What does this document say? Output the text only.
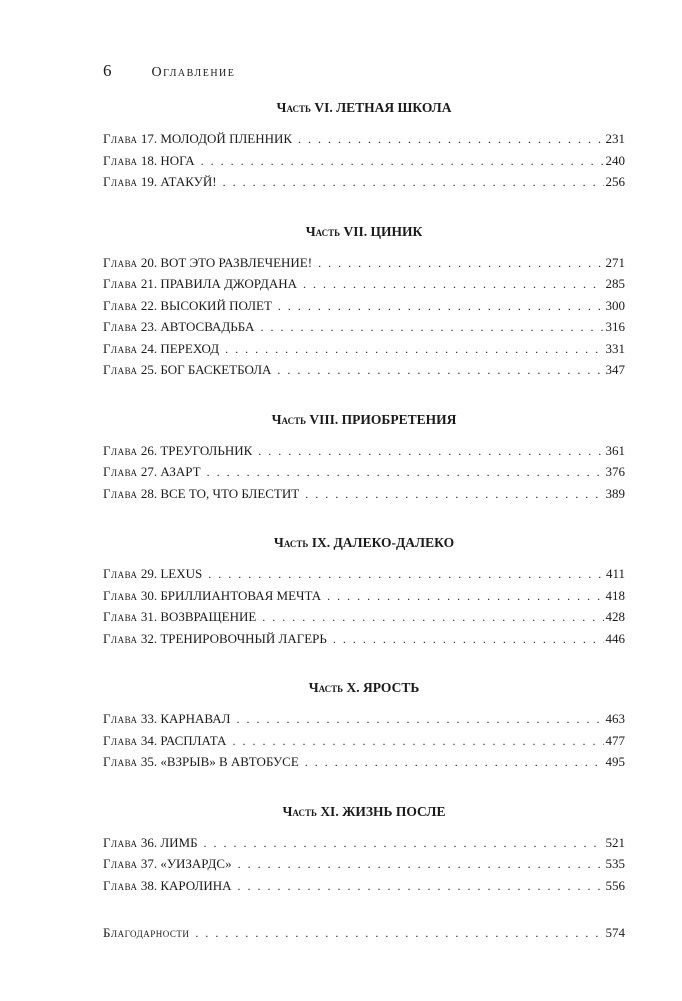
6	Оглавление
Часть VI. ЛЕТНАЯ ШКОЛА
Глава 17. МОЛОДОЙ ПЛЕННИК . . .	231
Глава 18. НОГА . . .	240
Глава 19. АТАКУЙ! . . .	256
Часть VII. ЦИНИК
Глава 20. ВОТ ЭТО РАЗВЛЕЧЕНИЕ! . . .	271
Глава 21. ПРАВИЛА ДЖОРДАНА . . .	285
Глава 22. ВЫСОКИЙ ПОЛЕТ . . .	300
Глава 23. АВТОСВАДЬБА . . .	316
Глава 24. ПЕРЕХОД . . .	331
Глава 25. БОГ БАСКЕТБОЛА . . .	347
Часть VIII. ПРИОБРЕТЕНИЯ
Глава 26. ТРЕУГОЛЬНИК . . .	361
Глава 27. АЗАРТ . . .	376
Глава 28. ВСЕ ТО, ЧТО БЛЕСТИТ . . .	389
Часть IX. ДАЛЕКО-ДАЛЕКО
Глава 29. LEXUS . . .	411
Глава 30. БРИЛЛИАНТОВАЯ МЕЧТА . . .	418
Глава 31. ВОЗВРАЩЕНИЕ . . .	428
Глава 32. ТРЕНИРОВОЧНЫЙ ЛАГЕРЬ . . .	446
Часть X. ЯРОСТЬ
Глава 33. КАРНАВАЛ . . .	463
Глава 34. РАСПЛАТА . . .	477
Глава 35. «ВЗРЫВ» В АВТОБУСЕ . . .	495
Часть XI. ЖИЗНЬ ПОСЛЕ
Глава 36. ЛИМБ . . .	521
Глава 37. «УИЗАРДС» . . .	535
Глава 38. КАРОЛИНА . . .	556
Благодарности . . .	574
